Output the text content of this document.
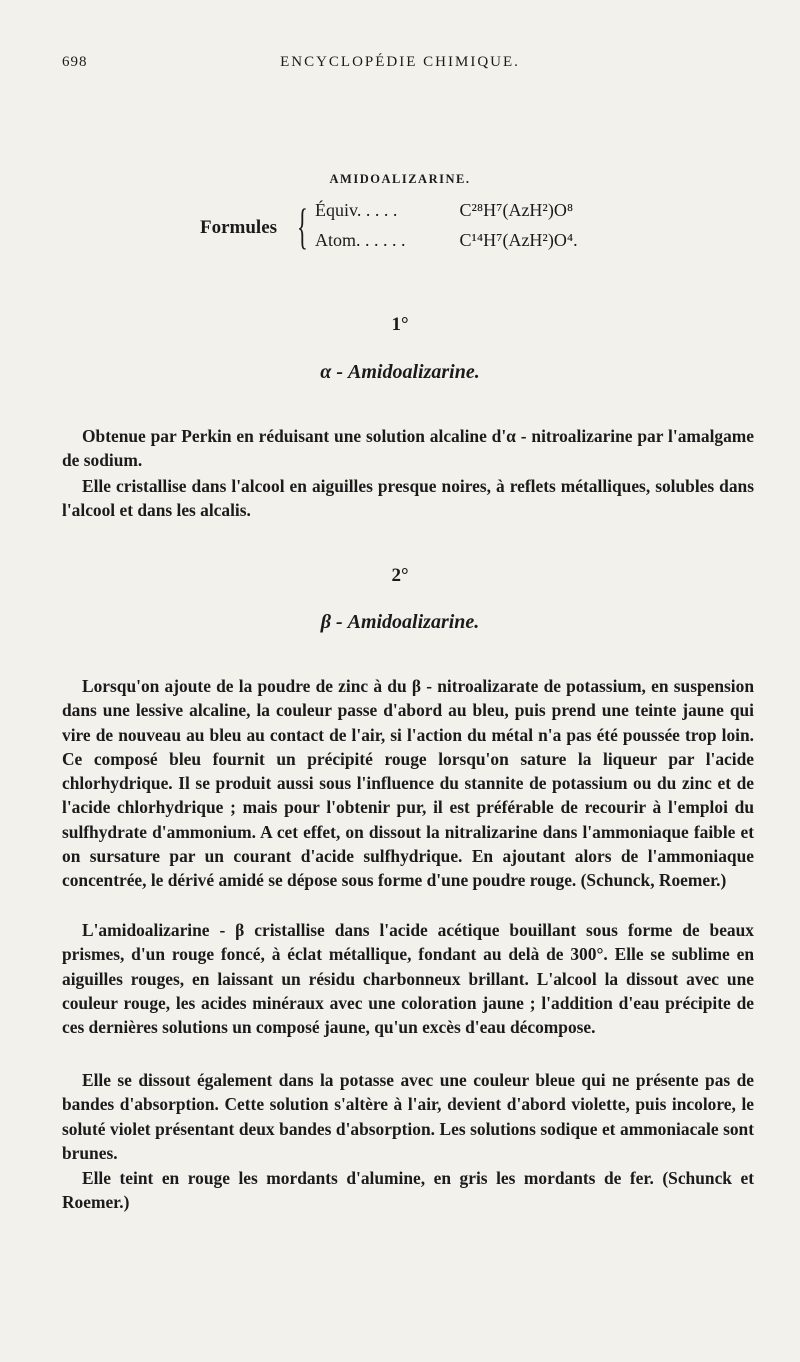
698	ENCYCLOPÉDIE CHIMIQUE.
AMIDOALIZARINE.
Formules { Équiv. . . . .	C²⁸H⁷(AzH²)O⁸
Atom. . . . . .	C¹⁴H⁷(AzH²)O⁴.
1°
α - Amidoalizarine.

Obtenue par Perkin en réduisant une solution alcaline d'α - nitroalizarine par l'amalgame de sodium.

Elle cristallise dans l'alcool en aiguilles presque noires, à reflets métalliques, solubles dans l'alcool et dans les alcalis.

2°
β - Amidoalizarine.

Lorsqu'on ajoute de la poudre de zinc à du β - nitroalizarate de potassium, en suspension dans une lessive alcaline, la couleur passe d'abord au bleu, puis prend une teinte jaune qui vire de nouveau au bleu au contact de l'air, si l'action du métal n'a pas été poussée trop loin. Ce composé bleu fournit un précipité rouge lorsqu'on sature la liqueur par l'acide chlorhydrique. Il se produit aussi sous l'influence du stannite de potassium ou du zinc et de l'acide chlorhydrique ; mais pour l'obtenir pur, il est préférable de recourir à l'emploi du sulfhydrate d'ammonium. A cet effet, on dissout la nitralizarine dans l'ammoniaque faible et on sursature par un courant d'acide sulfhydrique. En ajoutant alors de l'ammoniaque concentrée, le dérivé amidé se dépose sous forme d'une poudre rouge. (Schunck, Roemer.)

L'amidoalizarine - β cristallise dans l'acide acétique bouillant sous forme de beaux prismes, d'un rouge foncé, à éclat métallique, fondant au delà de 300°. Elle se sublime en aiguilles rouges, en laissant un résidu charbonneux brillant. L'alcool la dissout avec une couleur rouge, les acides minéraux avec une coloration jaune ; l'addition d'eau précipite de ces dernières solutions un composé jaune, qu'un excès d'eau décompose.

Elle se dissout également dans la potasse avec une couleur bleue qui ne présente pas de bandes d'absorption. Cette solution s'altère à l'air, devient d'abord violette, puis incolore, le soluté violet présentant deux bandes d'absorption. Les solutions sodique et ammoniacale sont brunes.

Elle teint en rouge les mordants d'alumine, en gris les mordants de fer. (Schunck et Roemer.)
